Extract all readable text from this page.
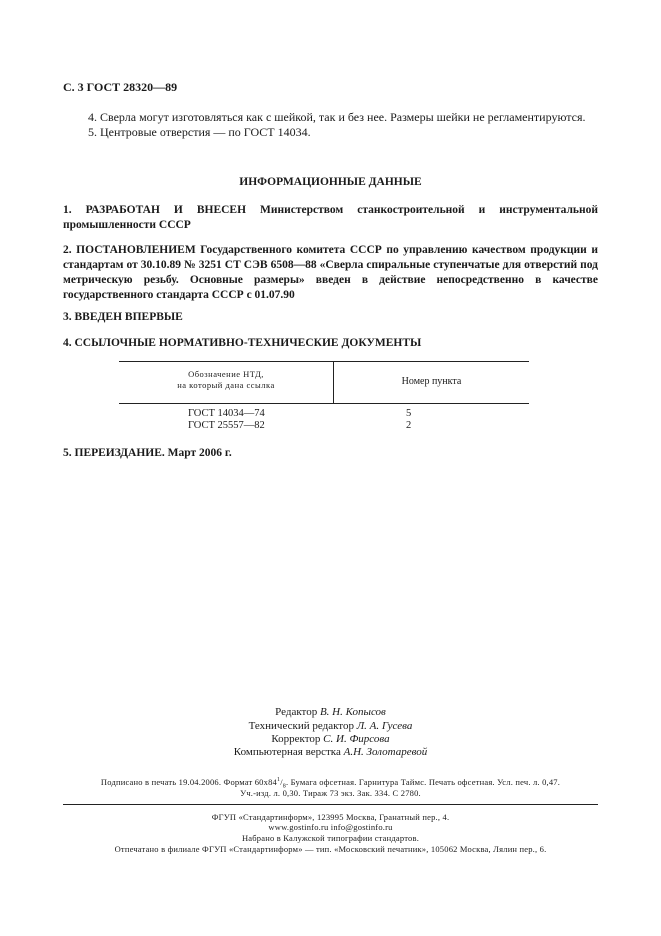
С. 3 ГОСТ 28320—89
4. Сверла могут изготовляться как с шейкой, так и без нее. Размеры шейки не регламентируются.
5. Центровые отверстия — по ГОСТ 14034.
ИНФОРМАЦИОННЫЕ ДАННЫЕ
1. РАЗРАБОТАН И ВНЕСЕН Министерством станкостроительной и инструментальной промышленности СССР
2. ПОСТАНОВЛЕНИЕМ Государственного комитета СССР по управлению качеством продукции и стандартам от 30.10.89 № 3251 СТ СЭВ 6508—88 «Сверла спиральные ступенчатые для отверстий под метрическую резьбу. Основные размеры» введен в действие непосредственно в качестве государственного стандарта СССР с 01.07.90
3. ВВЕДЕН ВПЕРВЫЕ
4. ССЫЛОЧНЫЕ НОРМАТИВНО-ТЕХНИЧЕСКИЕ ДОКУМЕНТЫ
Обозначение НТД,
на который дана ссылка	Номер пункта
ГОСТ 14034—74	5
ГОСТ 25557—82	2
5. ПЕРЕИЗДАНИЕ. Март 2006 г.
Редактор В. Н. Копысов
Технический редактор Л. А. Гусева
Корректор С. И. Фирсова
Компьютерная верстка А.Н. Золотаревой
Подписано в печать 19.04.2006. Формат $60x84^1/_8$. Бумага офсетная. Гарнитура Таймс. Печать офсетная. Усл. печ. л. 0,47.
Уч.-изд. л. 0,30. Тираж 73 экз. Зак. 334. С 2780.
ФГУП «Стандартинформ», 123995 Москва, Гранатный пер., 4.
www.gostinfo.ru info@gostinfo.ru
Набрано в Калужской типографии стандартов.
Отпечатано в филиале ФГУП «Стандартинформ» — тип. «Московский печатник», 105062 Москва, Лялин пер., 6.
